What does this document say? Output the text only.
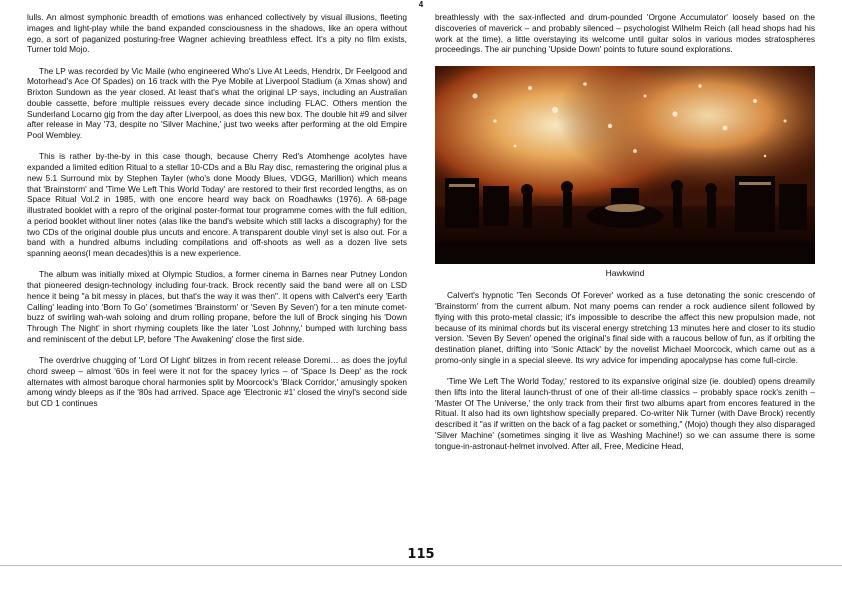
4

lulls. An almost symphonic breadth of emotions was enhanced collectively by visual illusions, fleeting images and light-play while the band expanded consciousness in the shadows, like an opera without ego, a sort of paganized posturing-free Wagner achieving breathless effect. It's a pity no film exists, Turner told Mojo.

The LP was recorded by Vic Maile (who engineered Who's Live At Leeds, Hendrix, Dr Feelgood and Motorhead's Ace Of Spades) on 16 track with the Pye Mobile at Liverpool Stadium (a Xmas show) and Brixton Sundown as the year closed. At least that's what the original LP says, including an Australian double cassette, before multiple reissues every decade since including FLAC. Others mention the Sunderland Locarno gig from the day after Liverpool, as does this new box. The double hit #9 and silver after release in May '73, despite no 'Silver Machine,' just two weeks after performing at the old Empire Pool Wembley.

This is rather by-the-by in this case though, because Cherry Red's Atomhenge acolytes have expanded a limited edition Ritual to a stellar 10-CDs and a Blu Ray disc, remastering the original plus a new 5.1 Surround mix by Stephen Tayler (who's done Moody Blues, VDGG, Marillion) which means that 'Brainstorm' and 'Time We Left This World Today' are restored to their first recorded lengths, as on Space Ritual Vol.2 in 1985, with one encore heard way back on Roadhawks (1976). A 68-page illustrated booklet with a repro of the original poster-format tour programme comes with the full edition, a period booklet without liner notes (alas like the band's website which still lacks a discography) for the two CDs of the original double plus uncuts and encore. A transparent double vinyl set is also out. For a band with a hundred albums including compilations and off-shoots as well as a dozen live sets spanning aeons(I mean decades)this is a new experience.

The album was initially mixed at Olympic Studios, a former cinema in Barnes near Putney London that pioneered design-technology including four-track. Brock recently said the band were all on LSD hence it being "a bit messy in places, but that's the way it was then". It opens with Calvert's eery 'Earth Calling' leading into 'Born To Go' (sometimes 'Brainstorm' or 'Seven By Seven') for a ten minute comet-buzz of swirling wah-wah soloing and drum rolling propane, before the lull of Brock singing his 'Down Through The Night' in short rhyming couplets like the later 'Lost Johnny,' bumped with lurching bass and reminiscent of the debut LP, before 'The Awakening' close the first side.

The overdrive chugging of 'Lord Of Light' blitzes in from recent release Doremi… as does the joyful chord sweep – almost '60s in feel were it not for the spacey lyrics – of 'Space Is Deep' as the rock alternates with almost baroque choral harmonies split by Moorcock's 'Black Corridor,' amusingly spoken among windy bleeps as if the '80s had arrived. Space age 'Electronic #1' closed the vinyl's second side but CD 1 continues

breathlessly with the sax-inflected and drum-pounded 'Orgone Accumulator' loosely based on the discoveries of maverick – and probably silenced – psychologist Wilhelm Reich (all head shops had his work at the time), a little overstaying its welcome until guitar solos in various modes stratospheres proceedings. The air punching 'Upside Down' points to future sound explorations.

Hawkwind

Calvert's hypnotic 'Ten Seconds Of Forever' worked as a fuse detonating the sonic crescendo of 'Brainstorm' from the current album. Not many poems can render a rock audience silent followed by flying with this proto-metal classic; it's impossible to describe the affect this new propulsion made, not because of its minimal chords but its visceral energy stretching 13 minutes here and closer to its studio version. 'Seven By Seven' opened the original's final side with a raucous bellow of fun, as if orbiting the destination planet, drifting into 'Sonic Attack' by the novelist Michael Moorcock, which came out as a promo-only single in a special sleeve. Its wry advice for impending apocalypse has come full-circle.

'Time We Left The World Today,' restored to its expansive original size (ie. doubled) opens dreamily then lifts into the literal launch-thrust of one of their all-time classics – probably space rock's zenith – 'Master Of The Universe,' the only track from their first two albums apart from encores featured in the Ritual. It also had its own lightshow specially prepared. Co-writer Nik Turner (with Dave Brock) recently described it "as if written on the back of a fag packet or something," (Mojo) though they also disparaged 'Silver Machine' (sometimes singing it live as Washing Machine!) so we can assume there is some tongue-in-astronaut-helmet involved. After all, Free, Medicine Head,

115
